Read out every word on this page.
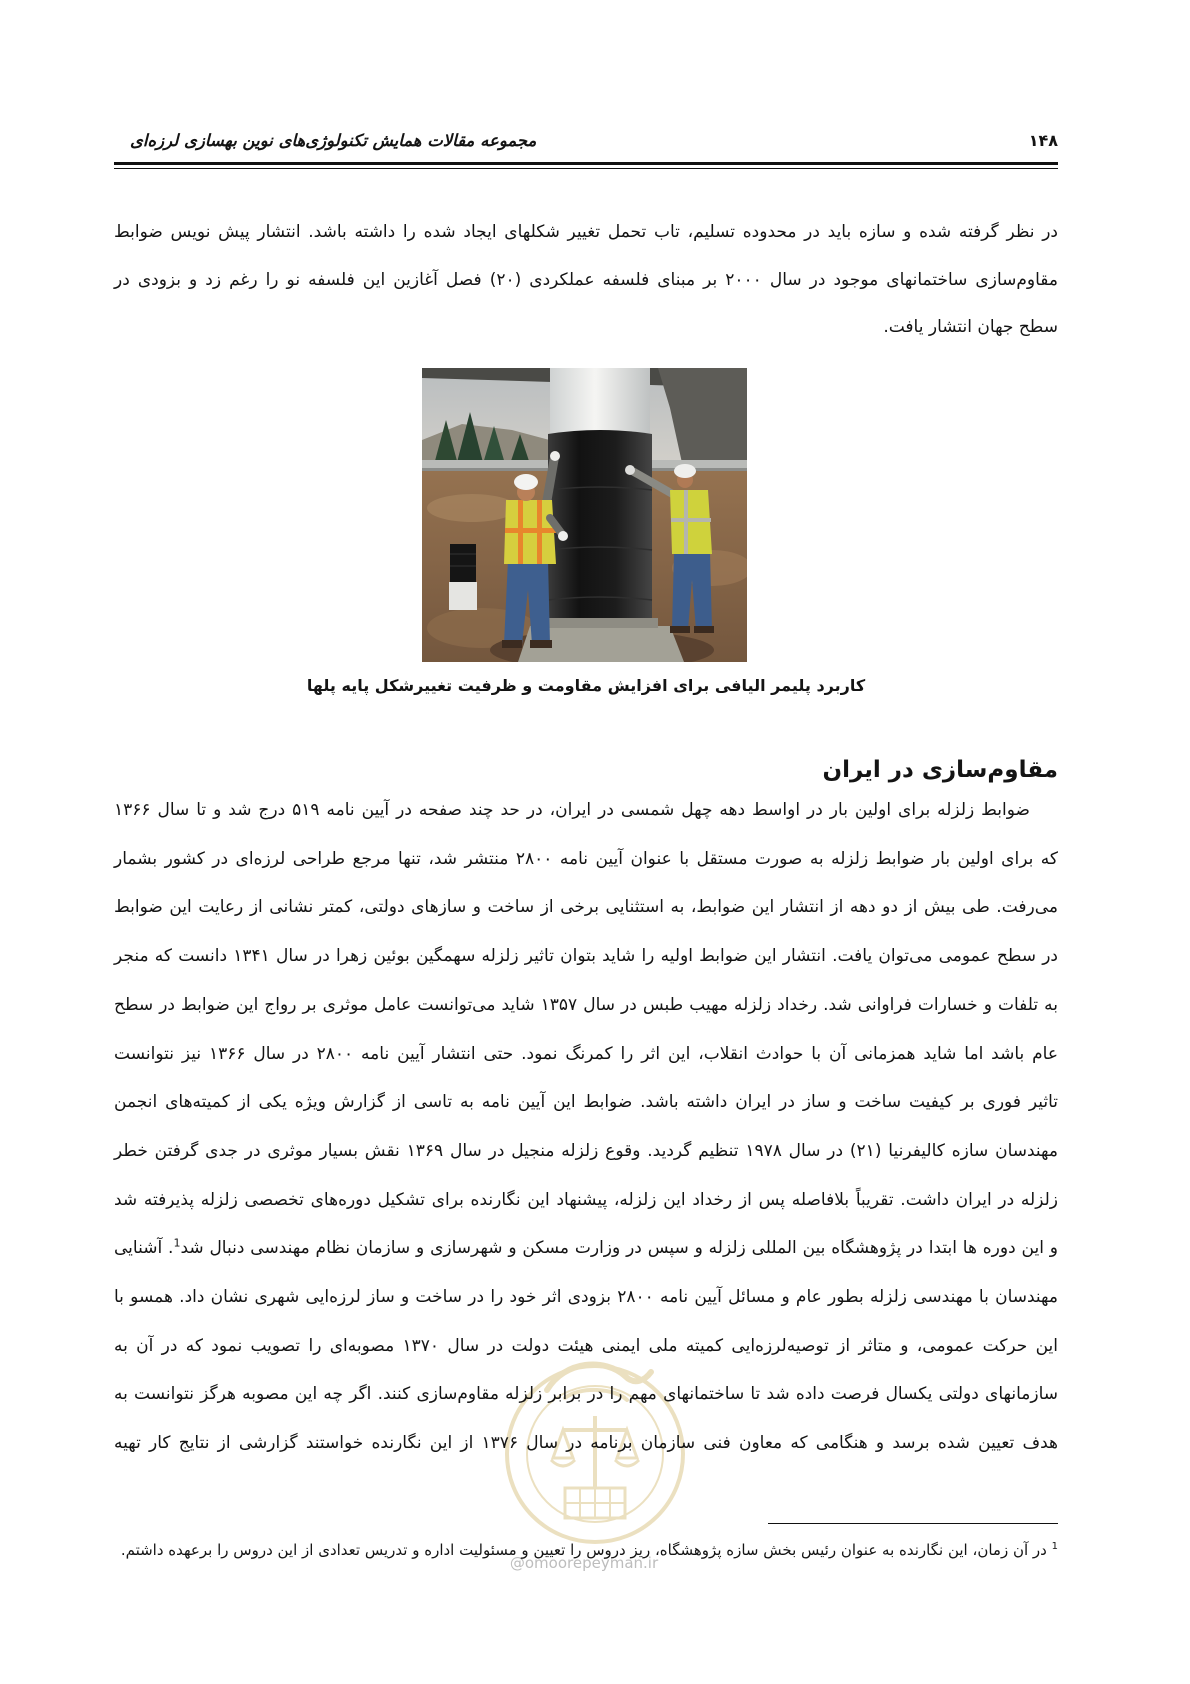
@omoorepeyman.ir
۱۴۸
مجموعه مقالات همایش تکنولوژی‌های نوین بهسازی لرزه‌ای
در نظر گرفته شده و سازه باید در محدوده تسلیم، تاب تحمل تغییر شکلهای ایجاد شده را داشته باشد. انتشار پیش نویس ضوابط
مقاوم‌سازی ساختمانهای موجود در سال ۲۰۰۰ بر مبنای فلسفه عملکردی (۲۰) فصل آغازین این فلسفه نو را رغم زد و بزودی در
سطح جهان انتشار یافت.
کاربرد پلیمر الیافی برای افزایش مقاومت و ظرفیت تغییرشکل پایه پلها
مقاوم‌سازی در ایران
ضوابط زلزله برای اولین بار در اواسط دهه چهل شمسی در ایران، در حد چند صفحه در آیین نامه ۵۱۹ درج شد و تا سال ۱۳۶۶
که برای اولین بار ضوابط زلزله به صورت مستقل با عنوان آیین نامه ۲۸۰۰ منتشر شد، تنها مرجع طراحی لرزه‌ای در کشور بشمار
می‌رفت. طی بیش از دو دهه از انتشار این ضوابط، به استثنایی برخی از ساخت و سازهای دولتی، کمتر نشانی از رعایت این ضوابط
در سطح عمومی می‌توان یافت. انتشار این ضوابط اولیه را شاید بتوان تاثیر زلزله سهمگین بوئین زهرا در سال ۱۳۴۱ دانست که منجر
به تلفات و خسارات فراوانی شد. رخداد زلزله مهیب طبس در سال ۱۳۵۷ شاید می‌توانست عامل موثری بر رواج این ضوابط در سطح
عام باشد اما شاید همزمانی آن با حوادث انقلاب، این اثر را کمرنگ نمود. حتی انتشار آیین نامه ۲۸۰۰ در سال ۱۳۶۶ نیز نتوانست
تاثیر فوری بر کیفیت ساخت و ساز در ایران داشته باشد. ضوابط این آیین نامه به تاسی از گزارش ویژه یکی از کمیته‌های انجمن
مهندسان سازه کالیفرنیا (۲۱) در سال ۱۹۷۸ تنظیم گردید. وقوع زلزله منجیل در سال ۱۳۶۹ نقش بسیار موثری در جدی گرفتن خطر
زلزله در ایران داشت. تقریباً بلافاصله پس از رخداد این زلزله، پیشنهاد این نگارنده برای تشکیل دوره‌های تخصصی زلزله پذیرفته شد
و این دوره ها ابتدا در پژوهشگاه بین المللی زلزله و سپس در وزارت مسکن و شهرسازی و سازمان نظام مهندسی دنبال شد$^1$. آشنایی
مهندسان با مهندسی زلزله بطور عام و مسائل آیین نامه ۲۸۰۰ بزودی اثر خود را در ساخت و ساز لرزه‌ایی شهری نشان داد. همسو با
این حرکت عمومی، و متاثر از توصیه‌لرزه‌ایی کمیته ملی ایمنی هیئت دولت در سال ۱۳۷۰ مصوبه‌ای را تصویب نمود که در آن به
سازمانهای دولتی یکسال فرصت داده شد تا ساختمانهای مهم را در برابر زلزله مقاوم‌سازی کنند. اگر چه این مصوبه هرگز نتوانست به
هدف تعیین شده برسد و هنگامی که معاون فنی سازمان برنامه در سال ۱۳۷۶ از این نگارنده خواستند گزارشی از نتایج کار تهیه
$^1$ در آن زمان، این نگارنده به عنوان رئیس بخش سازه پژوهشگاه، ریز دروس را تعیین و مسئولیت اداره و تدریس تعدادی از این دروس را برعهده داشتم.
